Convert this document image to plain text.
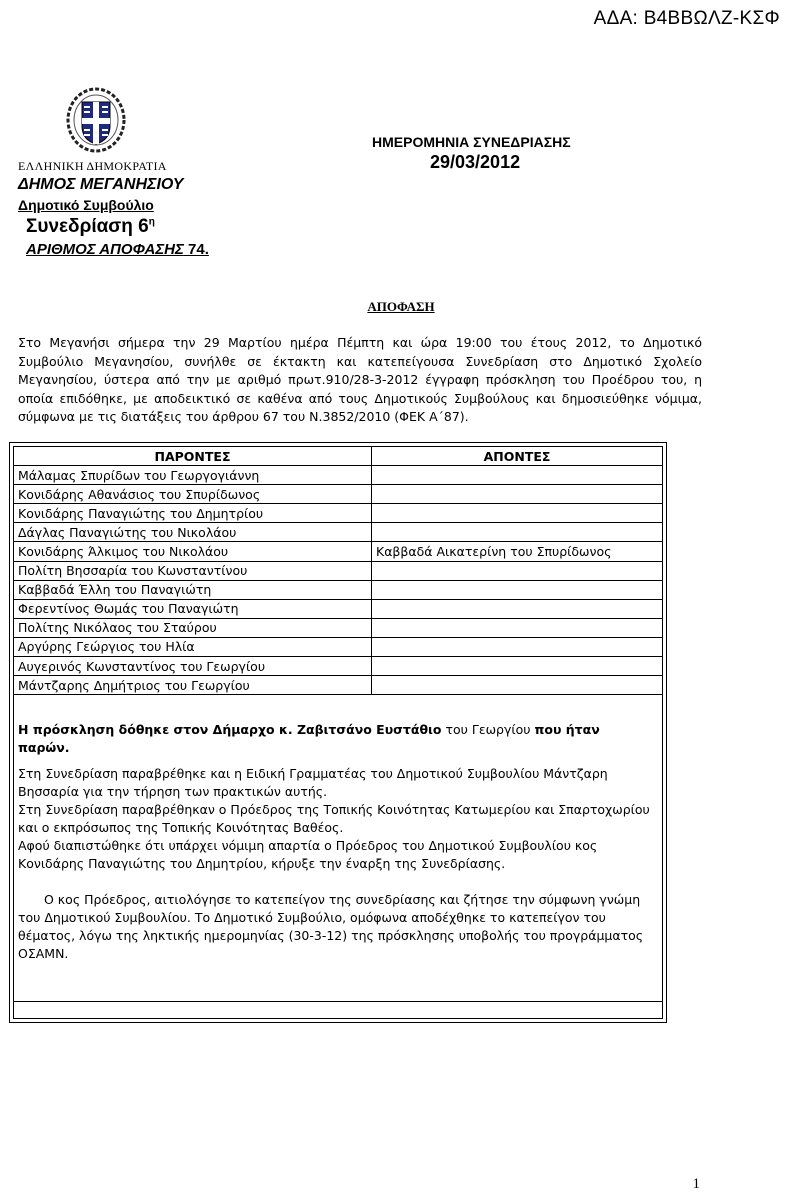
ΑΔΑ: Β4ΒΒΩΛΖ-ΚΣΦ
ΕΛΛΗΝΙΚΗ ΔΗΜΟΚΡΑΤΙΑ
ΔΗΜΟΣ ΜΕΓΑΝΗΣΙΟΥ
Δημοτικό Συμβούλιο
Συνεδρίαση $6^\eta$
ΑΡΙΘΜΟΣ ΑΠΟΦΑΣΗΣ 74.
ΗΜΕΡΟΜΗΝΙΑ ΣΥΝΕΔΡΙΑΣΗΣ
29/03/2012
ΑΠΟΦΑΣΗ
Στο Μεγανήσι σήμερα την 29 Μαρτίου ημέρα Πέμπτη και ώρα 19:00 του έτους 2012, το Δημοτικό Συμβούλιο Μεγανησίου, συνήλθε σε έκτακτη και κατεπείγουσα Συνεδρίαση στο Δημοτικό Σχολείο Μεγανησίου, ύστερα από την με αριθμό πρωτ.910/28-3-2012 έγγραφη πρόσκληση του Προέδρου του, η οποία επιδόθηκε, με αποδεικτικό σε καθένα από τους Δημοτικούς Συμβούλους και δημοσιεύθηκε νόμιμα, σύμφωνα με τις διατάξεις του άρθρου 67 του Ν.3852/2010 (ΦΕΚ Α΄87).
ΠΑΡΟΝΤΕΣ	ΑΠΟΝΤΕΣ
Μάλαμας Σπυρίδων του Γεωργογιάννη	
Κονιδάρης Αθανάσιος του Σπυρίδωνος	
Κονιδάρης Παναγιώτης του Δημητρίου	
Δάγλας Παναγιώτης του Νικολάου	
Κονιδάρης Άλκιμος του Νικολάου	Καββαδά Αικατερίνη του Σπυρίδωνος
Πολίτη Βησσαρία του Κωνσταντίνου	
Καββαδά Έλλη του Παναγιώτη	
Φερεντίνος Θωμάς του Παναγιώτη	
Πολίτης Νικόλαος του Σταύρου	
Αργύρης Γεώργιος του Ηλία	
Αυγερινός Κωνσταντίνος του Γεωργίου	
Μάντζαρης Δημήτριος του Γεωργίου	

Η πρόσκληση δόθηκε στον Δήμαρχο κ. Ζαβιτσάνο Ευστάθιο του Γεωργίου που ήταν παρών.

Στη Συνεδρίαση παραβρέθηκε και η Ειδική Γραμματέας του Δημοτικού Συμβουλίου Μάντζαρη Βησσαρία για την τήρηση των πρακτικών αυτής.

Στη Συνεδρίαση παραβρέθηκαν ο Πρόεδρος της Τοπικής Κοινότητας Κατωμερίου και Σπαρτοχωρίου και ο εκπρόσωπος της Τοπικής Κοινότητας Βαθέος.

Αφού διαπιστώθηκε ότι υπάρχει νόμιμη απαρτία ο Πρόεδρος του Δημοτικού Συμβουλίου κος Κονιδάρης Παναγιώτης του Δημητρίου, κήρυξε την έναρξη της Συνεδρίασης.

Ο κος Πρόεδρος, αιτιολόγησε το κατεπείγον της συνεδρίασης και ζήτησε την σύμφωνη γνώμη του Δημοτικού Συμβουλίου. Το Δημοτικό Συμβούλιο, ομόφωνα αποδέχθηκε το κατεπείγον του θέματος, λόγω της ληκτικής ημερομηνίας (30-3-12) της πρόσκλησης υποβολής του προγράμματος ΟΣΑΜΝ.

1
